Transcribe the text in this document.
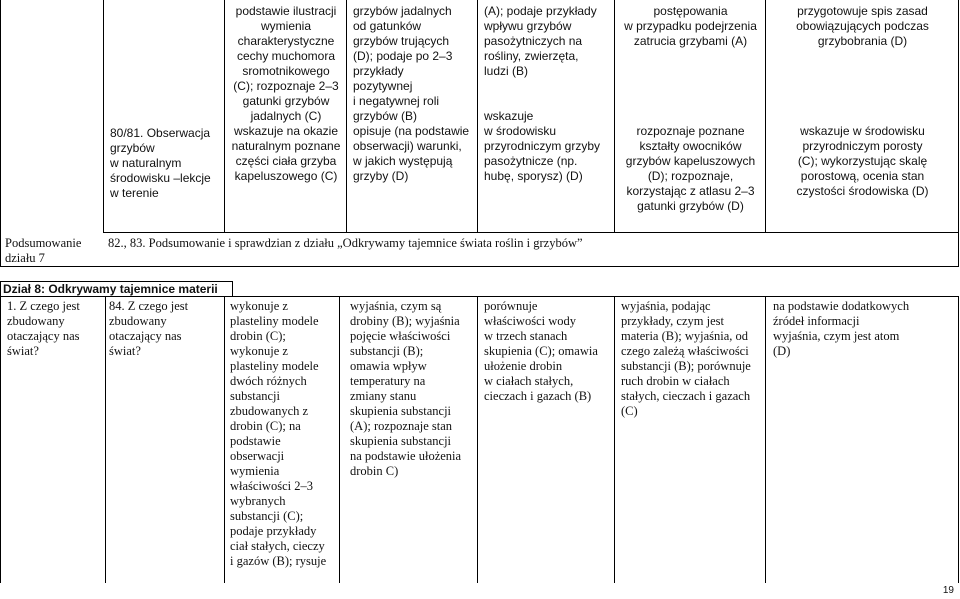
Podsumowanie
działu 7
80/81. Obserwacja
grzybów
w naturalnym
środowisku –lekcje
w terenie
podstawie ilustracji
wymienia
charakterystyczne
cechy muchomora
sromotnikowego
(C); rozpoznaje 2–3
gatunki grzybów
jadalnych (C)
wskazuje na okazie
naturalnym poznane
części ciała grzyba
kapeluszowego (C)
grzybów jadalnych
od gatunków
grzybów trujących
(D); podaje po 2–3
przykłady
pozytywnej
i negatywnej roli
grzybów (B)
opisuje (na podstawie
obserwacji) warunki,
w jakich występują
grzyby (D)
(A); podaje przykłady
wpływu grzybów
pasożytniczych na
rośliny, zwierzęta,
ludzi (B)

wskazuje
w środowisku
przyrodniczym grzyby
pasożytnicze (np.
hubę, sporysz) (D)
postępowania
w przypadku podejrzenia
zatrucia grzybami (A)

rozpoznaje poznane
kształty owocników
grzybów kapeluszowych
(D); rozpoznaje,
korzystając z atlasu 2–3
gatunki grzybów (D)
przygotowuje spis zasad
obowiązujących podczas
grzybobrania (D)

wskazuje w środowisku
przyrodniczym porosty
(C); wykorzystując skalę
porostową, ocenia stan
czystości środowiska (D)
82., 83. Podsumowanie i sprawdzian z działu „Odkrywamy tajemnice świata roślin i grzybów”
Dział 8: Odkrywamy tajemnice materii
1. Z czego jest
zbudowany
otaczający nas
świat?
84. Z czego jest
zbudowany
otaczający nas
świat?
wykonuje z
plasteliny modele
drobin (C);
wykonuje z
plasteliny modele
dwóch różnych
substancji
zbudowanych z
drobin (C); na
podstawie
obserwacji
wymienia
właściwości 2–3
wybranych
substancji (C);
podaje przykłady
ciał stałych, cieczy
i gazów (B); rysuje
wyjaśnia, czym są
drobiny (B); wyjaśnia
pojęcie właściwości
substancji (B);
omawia wpływ
temperatury na
zmiany stanu
skupienia substancji
(A); rozpoznaje stan
skupienia substancji
na podstawie ułożenia
drobin C)
porównuje
właściwości wody
w trzech stanach
skupienia (C); omawia
ułożenie drobin
w ciałach stałych,
cieczach i gazach (B)
wyjaśnia, podając
przykłady, czym jest
materia (B); wyjaśnia, od
czego zależą właściwości
substancji (B); porównuje
ruch drobin w ciałach
stałych, cieczach i gazach
(C)
na podstawie dodatkowych
źródeł informacji
wyjaśnia, czym jest atom
(D)
19
